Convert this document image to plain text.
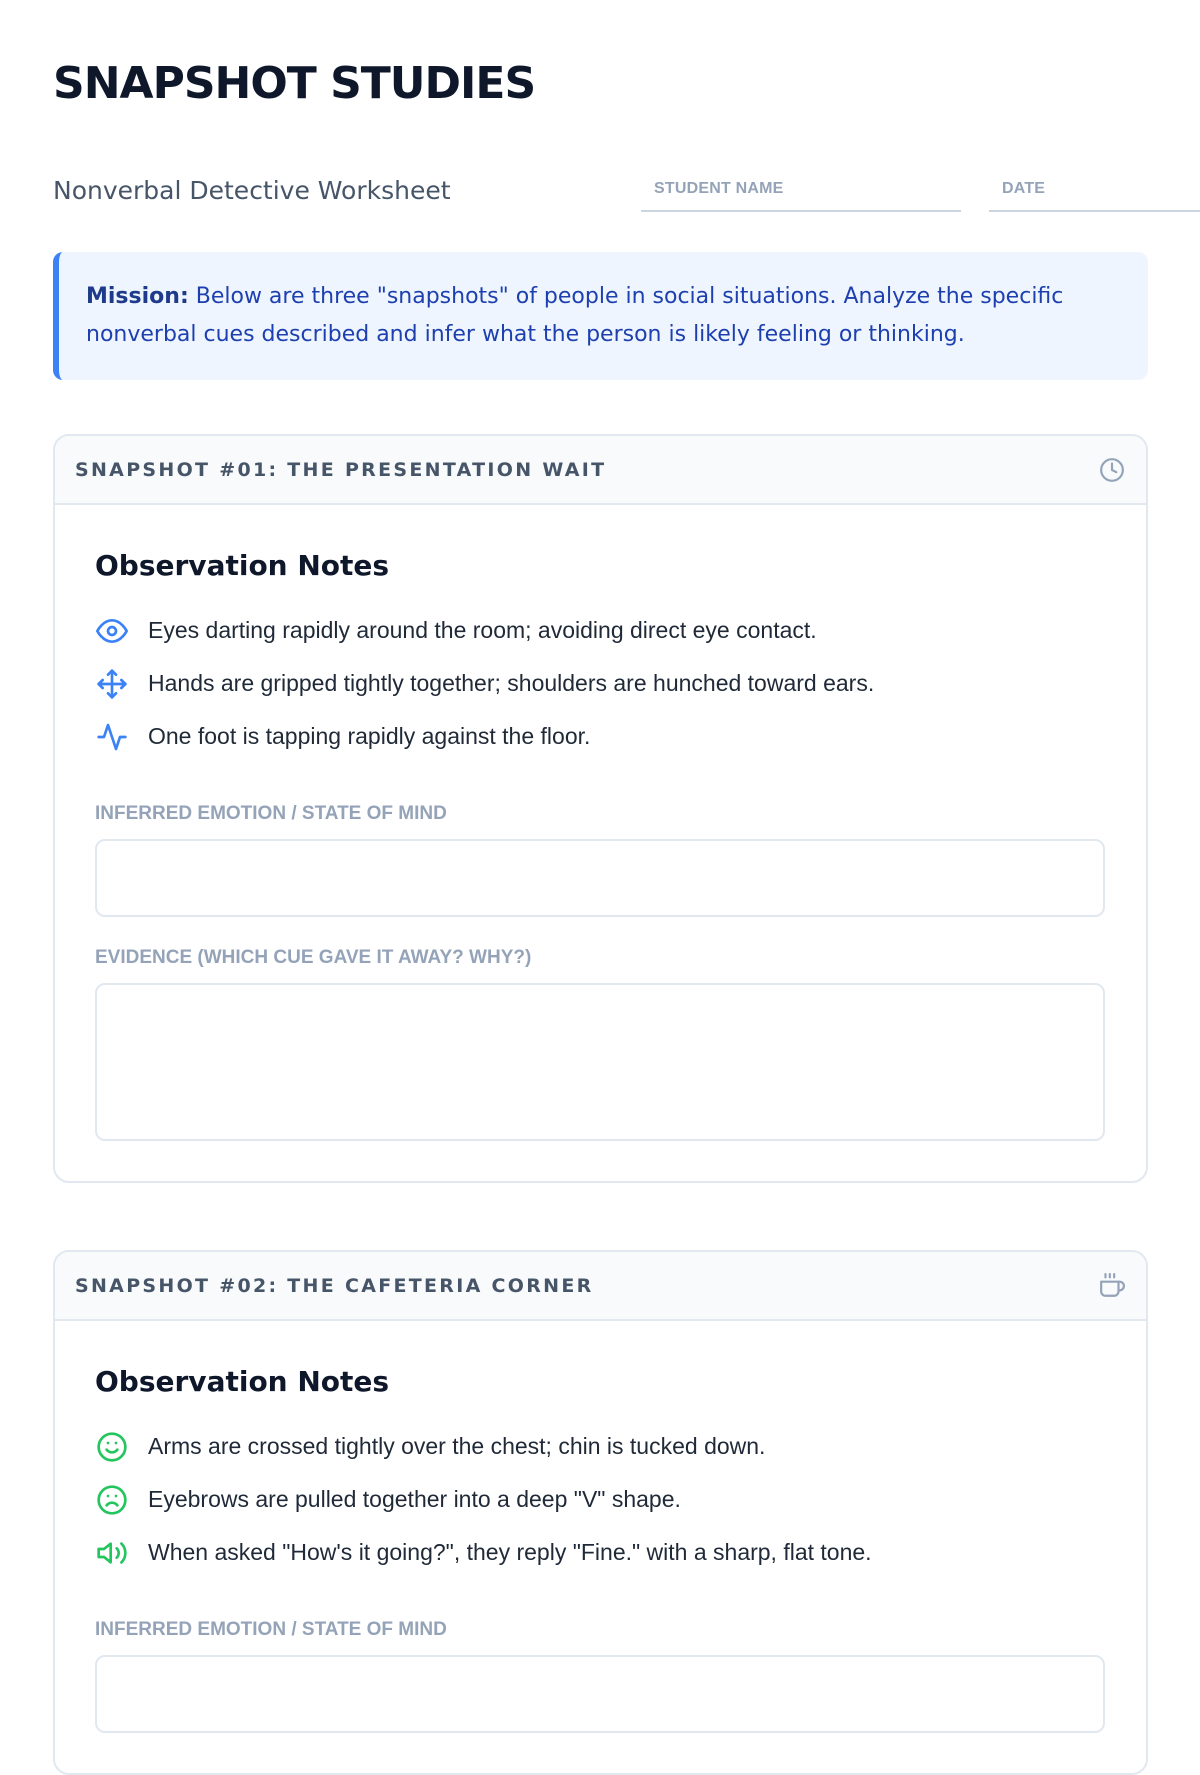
SNAPSHOT STUDIES
Nonverbal Detective Worksheet	STUDENT NAME	DATE
Mission: Below are three "snapshots" of people in social situations. Analyze the specific nonverbal cues described and infer what the person is likely feeling or thinking.
SNAPSHOT #01: THE PRESENTATION WAIT
Observation Notes
Eyes darting rapidly around the room; avoiding direct eye contact.
Hands are gripped tightly together; shoulders are hunched toward ears.
One foot is tapping rapidly against the floor.
INFERRED EMOTION / STATE OF MIND
EVIDENCE (WHICH CUE GAVE IT AWAY? WHY?)
SNAPSHOT #02: THE CAFETERIA CORNER
Observation Notes
Arms are crossed tightly over the chest; chin is tucked down.
Eyebrows are pulled together into a deep "V" shape.
When asked "How's it going?", they reply "Fine." with a sharp, flat tone.
INFERRED EMOTION / STATE OF MIND
